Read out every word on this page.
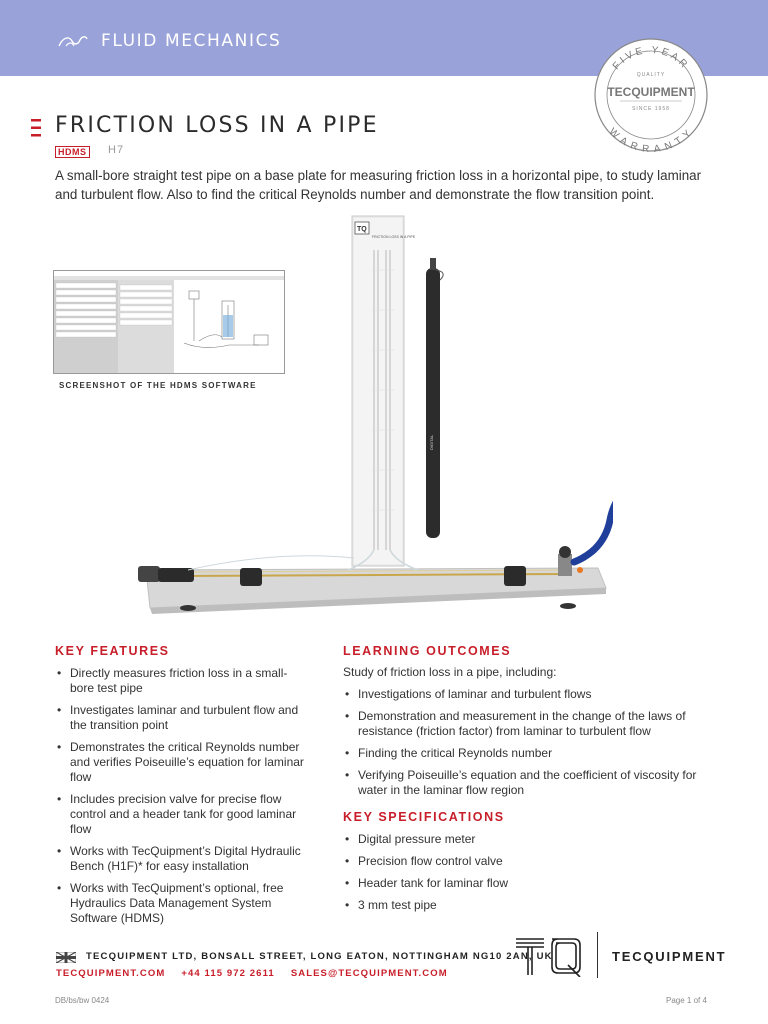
FLUID MECHANICS
FIVE YEAR
WARRANTY
QUALITY
TECQUIPMENT
SINCE 1958
FRICTION LOSS IN A PIPE
HDMS H7
A small-bore straight test pipe on a base plate for measuring friction loss in a horizontal pipe, to study laminar and turbulent flow. Also to find the critical Reynolds number and demonstrate the flow transition point.
SCREENSHOT OF THE HDMS SOFTWARE
TQ
FRICTION LOSS IN A PIPE
DIGITAL
KEY FEATURES
• Directly measures friction loss in a small-bore test pipe
• Investigates laminar and turbulent flow and the transition point
• Demonstrates the critical Reynolds number and verifies Poiseuille’s equation for laminar flow
• Includes precision valve for precise flow control and a header tank for good laminar flow
• Works with TecQuipment’s Digital Hydraulic Bench (H1F)* for easy installation
• Works with TecQuipment’s optional, free Hydraulics Data Management System Software (HDMS)
LEARNING OUTCOMES
Study of friction loss in a pipe, including:
• Investigations of laminar and turbulent flows
• Demonstration and measurement in the change of the laws of resistance (friction factor) from laminar to turbulent flow
• Finding the critical Reynolds number
• Verifying Poiseuille’s equation and the coefficient of viscosity for water in the laminar flow region
KEY SPECIFICATIONS
• Digital pressure meter
• Precision flow control valve
• Header tank for laminar flow
• 3 mm test pipe
TECQUIPMENT LTD, BONSALL STREET, LONG EATON, NOTTINGHAM NG10 2AN, UK
TECQUIPMENT.COM +44 115 972 2611 SALES@TECQUIPMENT.COM
TECQUIPMENT
DB/bs/bw 0424	Page 1 of 4
